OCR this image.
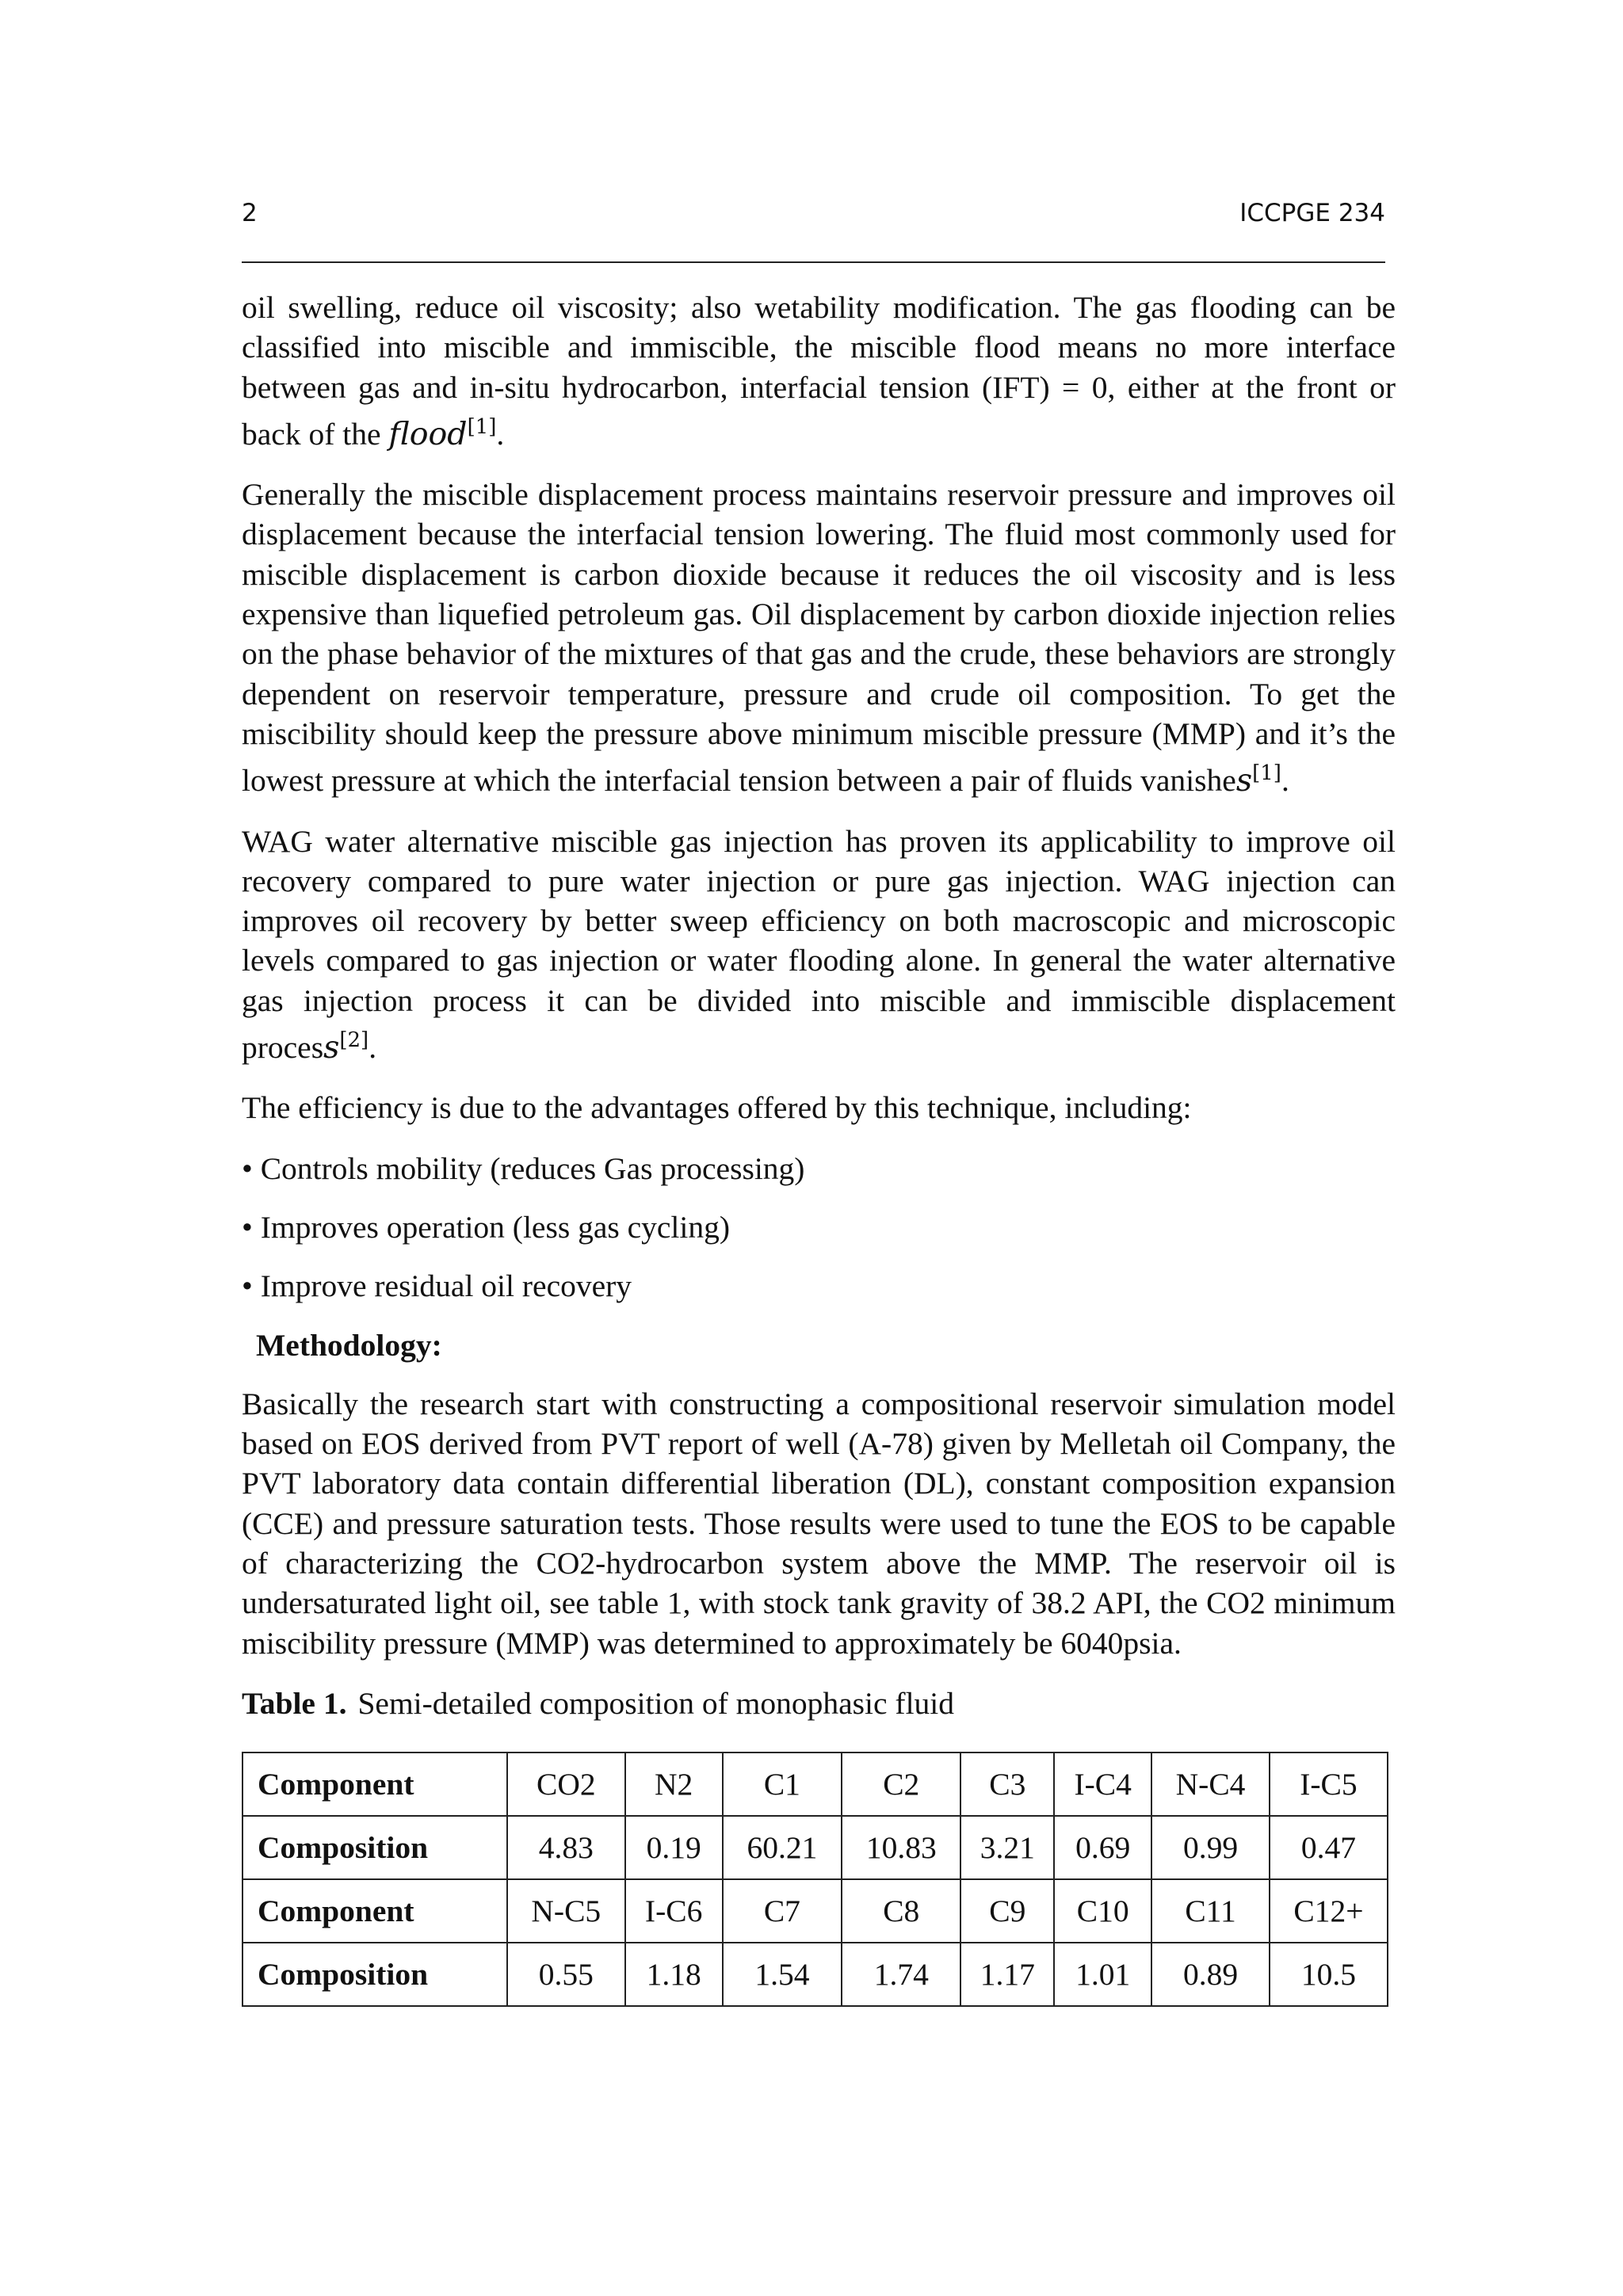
2	ICCPGE 234

oil swelling, reduce oil viscosity; also wetability modification. The gas flooding can be classified into miscible and immiscible, the miscible flood means no more interface between gas and in-situ hydrocarbon, interfacial tension (IFT) = 0, either at the front or back of the flood[1].

Generally the miscible displacement process maintains reservoir pressure and improves oil displacement because the interfacial tension lowering. The fluid most commonly used for miscible displacement is carbon dioxide because it reduces the oil viscosity and is less expensive than liquefied petroleum gas. Oil displacement by carbon dioxide injection relies on the phase behavior of the mixtures of that gas and the crude, these behaviors are strongly dependent on reservoir temperature, pressure and crude oil composition. To get the miscibility should keep the pressure above minimum miscible pressure (MMP) and it’s the lowest pressure at which the interfacial tension between a pair of fluids vanishes[1].

WAG water alternative miscible gas injection has proven its applicability to improve oil recovery compared to pure water injection or pure gas injection. WAG injection can improves oil recovery by better sweep efficiency on both macroscopic and microscopic levels compared to gas injection or water flooding alone. In general the water alternative gas injection process it can be divided into miscible and immiscible displacement process[2].

The efficiency is due to the advantages offered by this technique, including:

• Controls mobility (reduces Gas processing)

• Improves operation (less gas cycling)

• Improve residual oil recovery

Methodology:

Basically the research start with constructing a compositional reservoir simulation model based on EOS derived from PVT report of well (A-78) given by Melletah oil Company, the PVT laboratory data contain differential liberation (DL), constant composition expansion (CCE) and pressure saturation tests. Those results were used to tune the EOS to be capable of characterizing the CO2-hydrocarbon system above the MMP. The reservoir oil is undersaturated light oil, see table 1, with stock tank gravity of 38.2 API, the CO2 minimum miscibility pressure (MMP) was determined to approximately be 6040psia.

Table 1. Semi-detailed composition of monophasic fluid

Component	CO2	N2	C1	C2	C3	I-C4	N-C4	I-C5
Composition	4.83	0.19	60.21	10.83	3.21	0.69	0.99	0.47
Component	N-C5	I-C6	C7	C8	C9	C10	C11	C12+
Composition	0.55	1.18	1.54	1.74	1.17	1.01	0.89	10.5
